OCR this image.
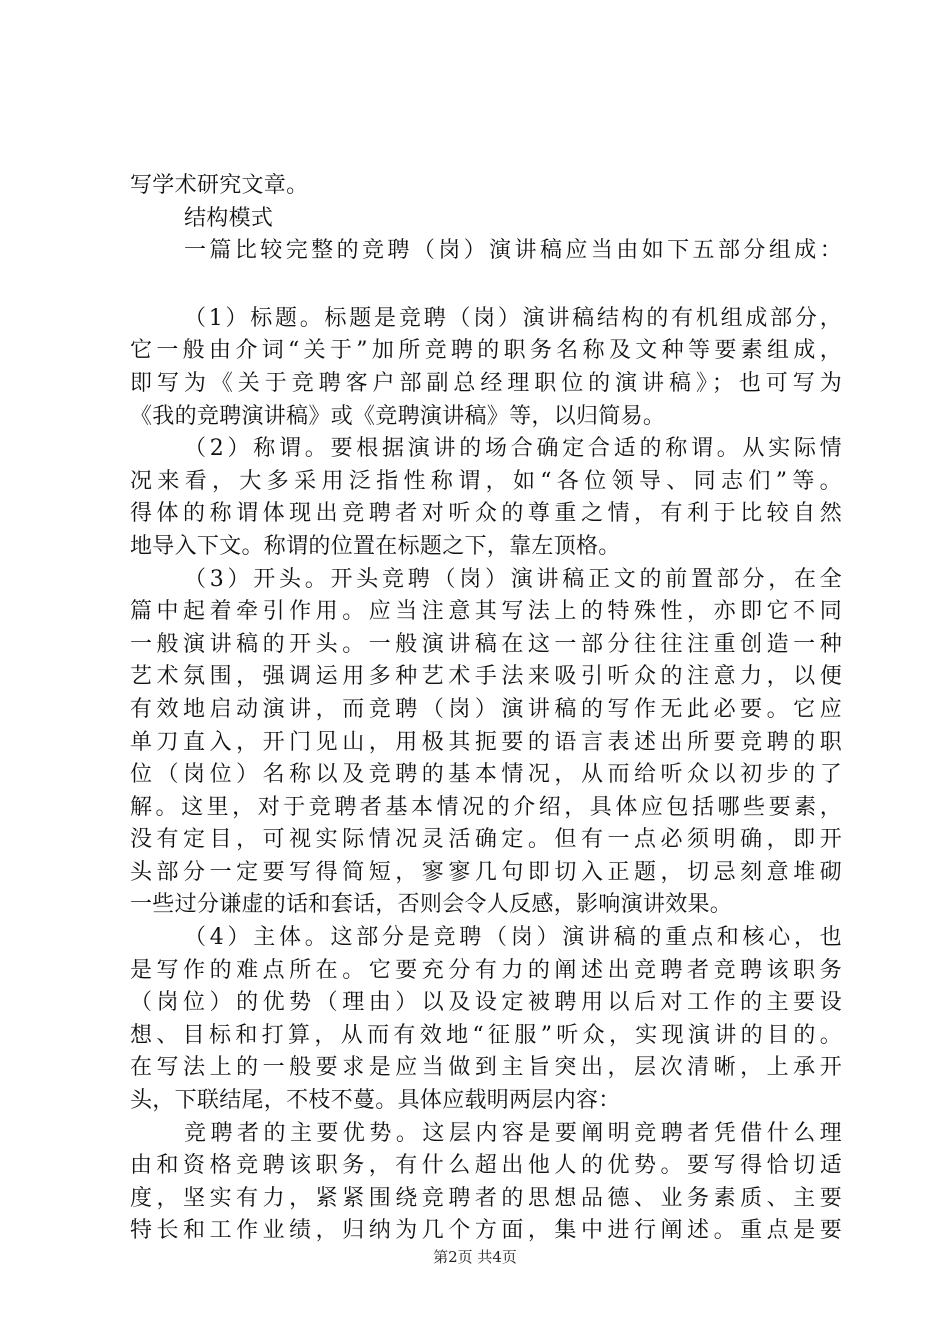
写学术研究文章。
结构模式
一篇比较完整的竞聘（岗）演讲稿应当由如下五部分组成：
（1）标题。标题是竞聘（岗）演讲稿结构的有机组成部分，
它一般由介词“关于”加所竞聘的职务名称及文种等要素组成，
即写为《关于竞聘客户部副总经理职位的演讲稿》；也可写为
《我的竞聘演讲稿》或《竞聘演讲稿》等，以归简易。
（2）称谓。要根据演讲的场合确定合适的称谓。从实际情
况来看，大多采用泛指性称谓，如“各位领导、同志们”等。
得体的称谓体现出竞聘者对听众的尊重之情，有利于比较自然
地导入下文。称谓的位置在标题之下，靠左顶格。
（3）开头。开头竞聘（岗）演讲稿正文的前置部分，在全
篇中起着牵引作用。应当注意其写法上的特殊性，亦即它不同
一般演讲稿的开头。一般演讲稿在这一部分往往注重创造一种
艺术氛围，强调运用多种艺术手法来吸引听众的注意力，以便
有效地启动演讲，而竞聘（岗）演讲稿的写作无此必要。它应
单刀直入，开门见山，用极其扼要的语言表述出所要竞聘的职
位（岗位）名称以及竞聘的基本情况，从而给听众以初步的了
解。这里，对于竞聘者基本情况的介绍，具体应包括哪些要素，
没有定目，可视实际情况灵活确定。但有一点必须明确，即开
头部分一定要写得简短，寥寥几句即切入正题，切忌刻意堆砌
一些过分谦虚的话和套话，否则会令人反感，影响演讲效果。
（4）主体。这部分是竞聘（岗）演讲稿的重点和核心，也
是写作的难点所在。它要充分有力的阐述出竞聘者竞聘该职务
（岗位）的优势（理由）以及设定被聘用以后对工作的主要设
想、目标和打算，从而有效地“征服”听众，实现演讲的目的。
在写法上的一般要求是应当做到主旨突出，层次清晰，上承开
头，下联结尾，不枝不蔓。具体应载明两层内容：
竞聘者的主要优势。这层内容是要阐明竞聘者凭借什么理
由和资格竞聘该职务，有什么超出他人的优势。要写得恰切适
度，坚实有力，紧紧围绕竞聘者的思想品德、业务素质、主要
特长和工作业绩，归纳为几个方面，集中进行阐述。重点是要
第2页 共4页
